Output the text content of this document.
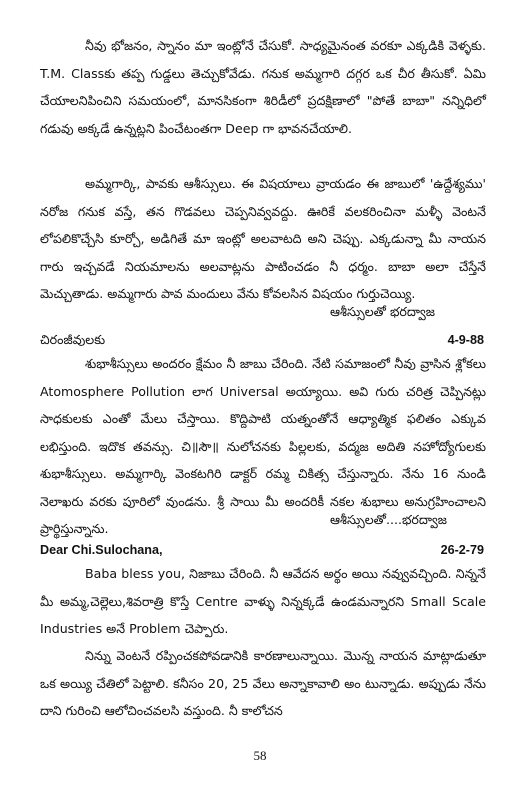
నీవు భోజనం, స్నానం మా ఇంట్లోనే చేసుకో. సాధ్యమైనంత వరకూ ఎక్కడికి వెళ్ళకు. T.M. Classకు తప్ప గుడ్డలు తెచ్చుకోవేడు. గనుక అమ్మగారి దగ్గర ఒక చీర తీసుకో. ఏమి చేయాలనిపించిని సమయంలో, మానసికంగా శిరిడీలో ప్రదక్షిణాలో "పోతే బాబా" నన్నిధిలో గడువు అక్కడే ఉన్నట్లని పించేటంతగా Deep గా భావనచేయాలి.

అమ్మగార్కి, పావకు ఆశీస్సులు. ఈ విషయాలు వ్రాయడం ఈ జాబులో 'ఉద్దేశ్యము' నరోజ గనుక వస్తే, తన గొడవలు చెప్పనివ్వవద్దు. ఊరికే వలకరించినా మళ్ళీ వెంటనే లోపలికొచ్చేసి కూర్చో, అడిగితే మా ఇంట్లో అలవాటది అని చెప్పు. ఎక్కడున్నా మీ నాయన గారు ఇచ్చవడే నియమాలను అలవాట్లను పాటించడం నీ ధర్మం. బాబా అలా చేస్తేనే మెచ్చుతాడు. అమ్మగారు పావ మందులు వేను కోవలసిన విషయం గుర్తుచెయ్యి.

ఆశీస్సులతో భరద్వాజ
చిరంజీవులకు	4-9-88

శుభాశీస్సులు అందరం క్షేమం నీ జాబు చేరింది. నేటి సమాజంలో నీవు వ్రాసిన శ్లోకలు Atomosphere Pollution లాగ Universal అయ్యాయి. అవి గురు చరిత్ర చెప్పినట్లు సాధకులకు ఎంతో మేలు చేస్తాయి. కొద్దిపాటి యత్నంతోనే ఆధ్యాత్మిక ఫలితం ఎక్కువ లభిస్తుంది. ఇదొక తవన్సు. చి॥సౌ॥ నులోచనకు పిల్లలకు, వద్మజ అదితి నహోద్యోగులకు శుభాశీస్సులు. అమ్మగార్కి వెంకటగిరి డాక్టర్ రమ్మ చికిత్స చేస్తున్నారు. నేను 16 నుండి నెలాఖరు వరకు పూరిలో వుండను. శ్రీ సాయి మీ అందరికీ నకల శుభాలు అనుగ్రహించాలని ప్రార్థిస్తున్నాను.

ఆశీస్సులతో....భరద్వాజ
Dear Chi.Sulochana,	26-2-79

Baba bless you, నిజాబు చేరింది. నీ ఆవేదన అర్థం అయి నవ్వువచ్చింది. నిన్ననే మీ అమ్మ,చెల్లెలు,శివరాత్రి కొస్తే Centre వాళ్ళు నిన్నక్కడే ఉండమన్నారని Small Scale Industries అనే Problem చెప్పారు.

నిన్ను వెంటనే రప్పించకపోవడానికి కారణాలున్నాయి. మొన్న నాయన మాట్లాడుతూ ఒక అయ్యి చేతిలో పెట్టాలి. కనీసం 20, 25 వేలు అన్నాకావాలి అం టున్నాడు. అప్పుడు నేను దాని గురించి ఆలోచించవలసి వస్తుంది. నీ కాలోచన

58
